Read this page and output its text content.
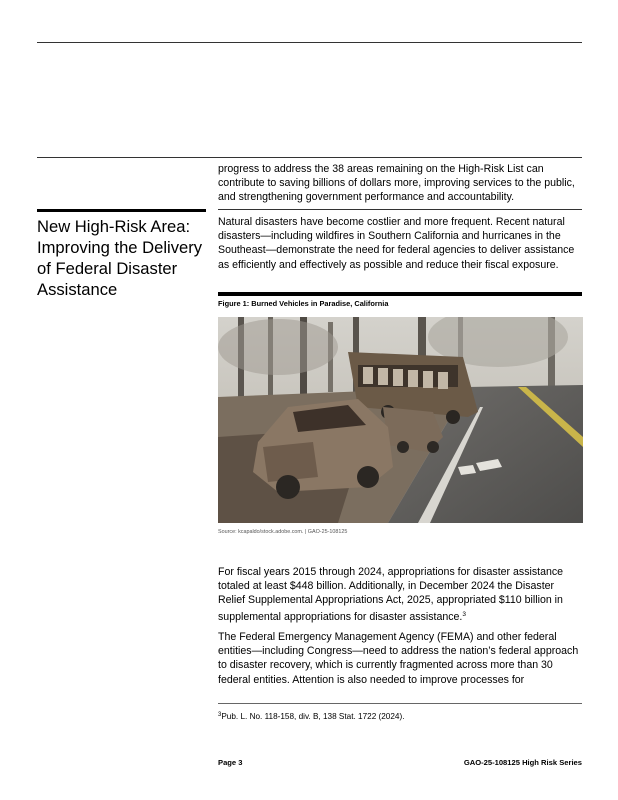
progress to address the 38 areas remaining on the High-Risk List can contribute to saving billions of dollars more, improving services to the public, and strengthening government performance and accountability.

New High-Risk Area: Improving the Delivery of Federal Disaster Assistance

Natural disasters have become costlier and more frequent. Recent natural disasters—including wildfires in Southern California and hurricanes in the Southeast—demonstrate the need for federal agencies to deliver assistance as efficiently and effectively as possible and reduce their fiscal exposure.

Figure 1: Burned Vehicles in Paradise, California

Source: kcapaldo/stock.adobe.com. | GAO-25-108125

For fiscal years 2015 through 2024, appropriations for disaster assistance totaled at least $448 billion. Additionally, in December 2024 the Disaster Relief Supplemental Appropriations Act, 2025, appropriated $110 billion in supplemental appropriations for disaster assistance.$^3$

The Federal Emergency Management Agency (FEMA) and other federal entities—including Congress—need to address the nation’s federal approach to disaster recovery, which is currently fragmented across more than 30 federal entities. Attention is also needed to improve processes for

$^3$Pub. L. No. 118-158, div. B, 138 Stat. 1722 (2024).

Page 3	GAO-25-108125 High Risk Series
